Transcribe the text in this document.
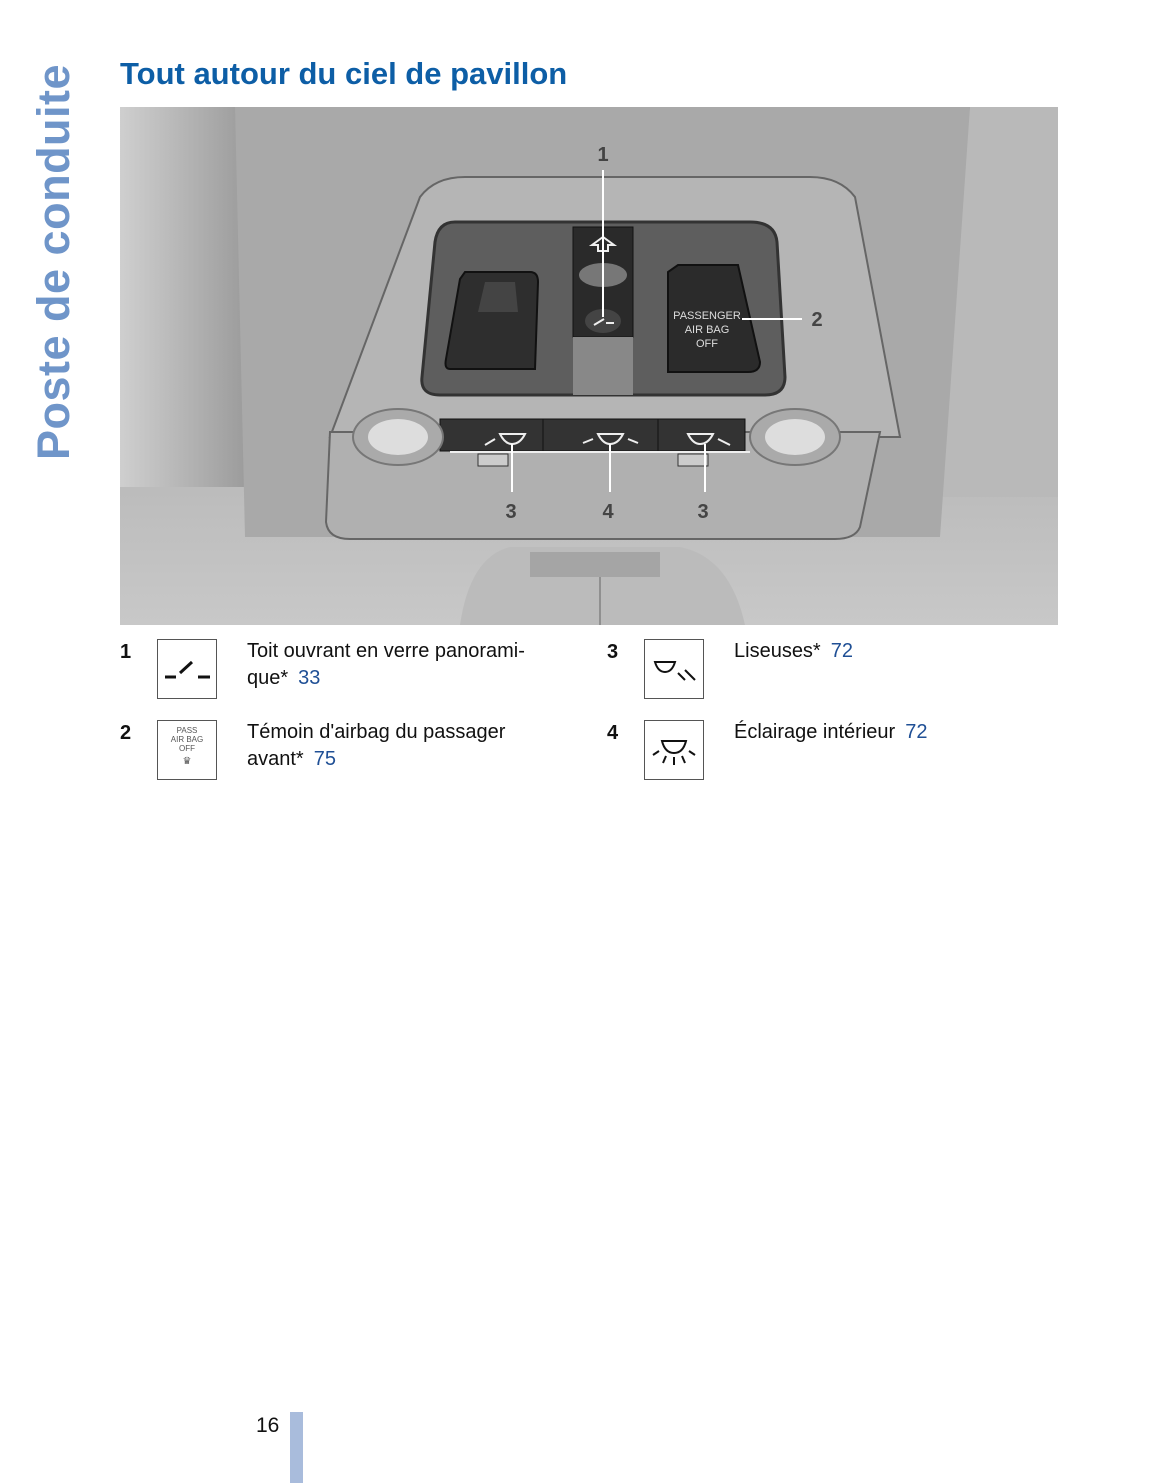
Poste de conduite Tout autour du ciel de pavillon
PASSENGER
AIR BAG
OFF
1
2
3	4	3
1	Toit ouvrant en verre panorami-
que* 33
2	PASS
AIR BAG
OFF
♛
Témoin d'airbag du passager
avant* 75
3	Liseuses* 72
4	Éclairage intérieur 72
16
